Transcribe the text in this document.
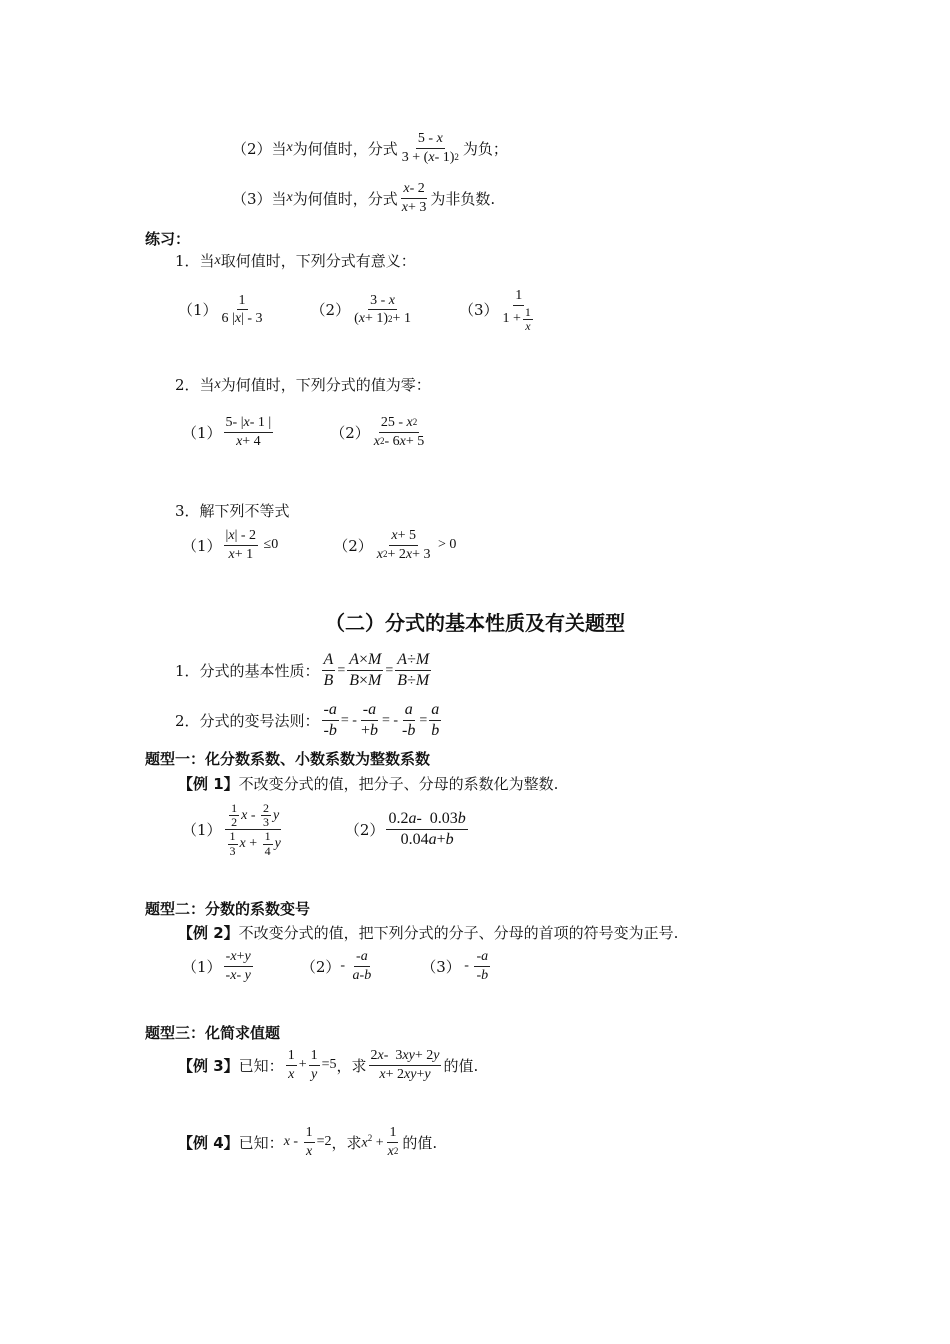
（2）当 x 为何值时，分式
5 - x
3 + ( x - 1) 2 为负；
（3）当 x 为何值时，分式
x - 2
x + 3 为非负数.
练习：
1．当 x 取何值时，下列分式有意义：
（1）
1
6 | x | - 3	（2）
3 - x
( x + 1) 2 + 1	（3）
1
1 + 1
x
2．当 x 为何值时，下列分式的值为零：
（1）
5- | x - 1 |
x + 4	（2）
25 - x 2
x 2 - 6 x + 5
3．解下列不等式
$(1) \frac{| x | - 2}{x + 1} \le 0$	（2）
x + 5
x 2 + 2 x + 3
> 0
（二）分式的基本性质及有关题型
1．分式的基本性质： $\frac{A}{B} = \frac{A \times M}{B \times M} = \frac{A \div M}{B \div M}$
2．分式的变号法则： $\frac{- a}{- b}$ = - $\frac{- a}{+ b}$ = - $\frac{a}{- b} = \frac{a}{b}$
题型一：化分数系数、小数系数为整数系数
【例 1】 不改变分式的值，把分子、分母的系数化为整数.
（1）
1
2 x - 2
3 y
1
3 x + 1
4 y
（2）
0.2 a -  0.03 b
0.04 a + b
题型二：分数的系数变号
【例 2】 不改变分式的值，把下列分式的分子、分母的首项的符号变为正号.
（1）
- x + y
- x - y	（2） -
- a
a - b	（3） -
- a
- b
题型三：化简求值题
【例 3】 已知：
1
x
+ $\frac{1}{y} =5$ ，求
2 x -  3 xy + 2 y
x + 2 xy + y 的值.
【例 4】 已知： $x - \frac{1}{x} =2$ ，求 $x^2 + \frac{1}{x 2}$ 的值.
